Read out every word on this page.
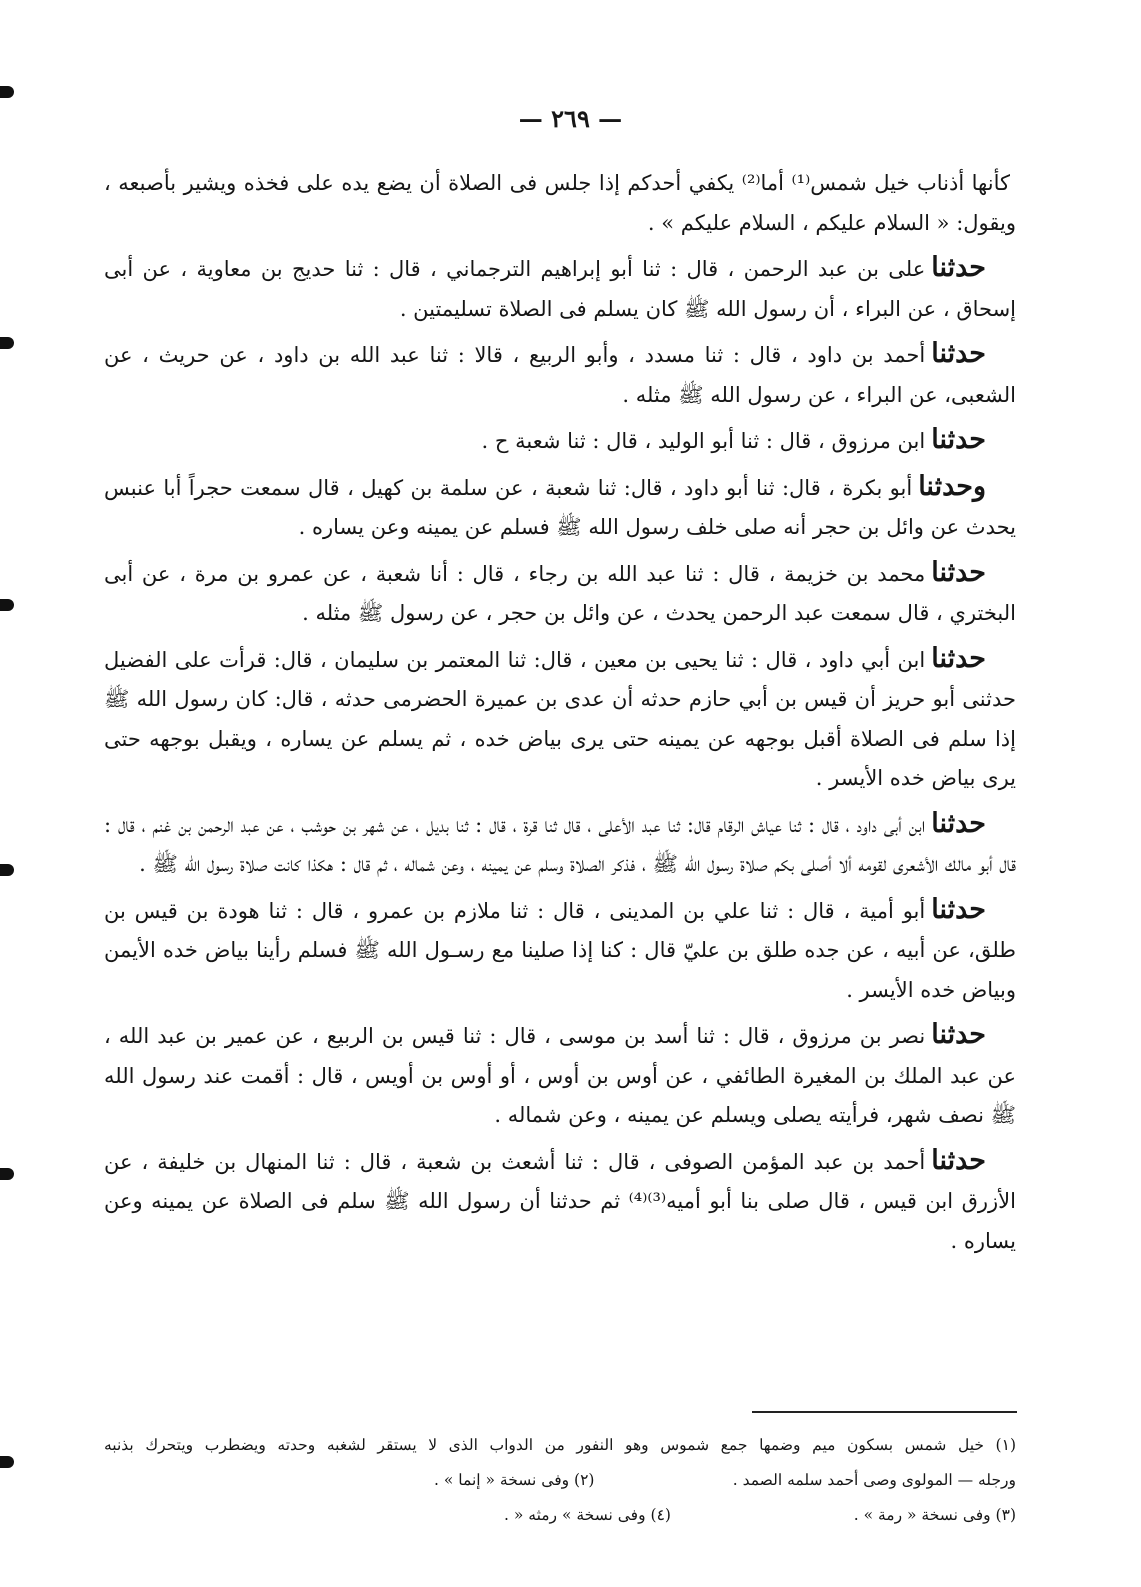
— ٢٦٩ —

كأنها أذناب خيل شمس⁽¹⁾ أما⁽²⁾ يكفي أحدكم إذا جلس فى الصلاة أن يضع يده على فخذه ويشير بأصبعه ، ويقول: « السلام عليكم ، السلام عليكم » .

حدثناعلى بن عبد الرحمن ، قال : ثنا أبو إبراهيم الترجماني ، قال : ثنا حديج بن معاوية ، عن أبى إسحاق ، عن البراء ، أن رسول الله ﷺ كان يسلم فى الصلاة تسليمتين .

حدثناأحمد بن داود ، قال : ثنا مسدد ، وأبو الربيع ، قالا : ثنا عبد الله بن داود ، عن حريث ، عن الشعبى، عن البراء ، عن رسول الله ﷺ مثله .

حدثناابن مرزوق ، قال : ثنا أبو الوليد ، قال : ثنا شعبة ح .

وحدثناأبو بكرة ، قال: ثنا أبو داود ، قال: ثنا شعبة ، عن سلمة بن كهيل ، قال سمعت حجراً أبا عنبس يحدث عن وائل بن حجر أنه صلى خلف رسول الله ﷺ فسلم عن يمينه وعن يساره .

حدثنامحمد بن خزيمة ، قال : ثنا عبد الله بن رجاء ، قال : أنا شعبة ، عن عمرو بن مرة ، عن أبى البختري ، قال سمعت عبد الرحمن يحدث ، عن وائل بن حجر ، عن رسول ﷺ مثله .

حدثناابن أبي داود ، قال : ثنا يحيى بن معين ، قال: ثنا المعتمر بن سليمان ، قال: قرأت على الفضيل حدثنى أبو حريز أن قيس بن أبي حازم حدثه أن عدى بن عميرة الحضرمى حدثه ، قال: كان رسول الله ﷺ إذا سلم فى الصلاة أقبل بوجهه عن يمينه حتى يرى بياض خده ، ثم يسلم عن يساره ، ويقبل بوجهه حتى يرى بياض خده الأيسر .

حدثناابن أبى داود ، قال : ثنا عياش الرقام قال: ثنا عبد الأعلى ، قال ثنا قرة ، قال : ثنا بديل ، عن شهر بن حوشب ، عن عبد الرحمن بن غنم ، قال : قال أبو مالك الأشعرى لقومه ألا أصلى بكم صلاة رسول الله ﷺ ، فذكر الصلاة وسلم عن يمينه ، وعن شماله ، ثم قال : هكذا كانت صلاة رسول الله ﷺ .

حدثناأبو أمية ، قال : ثنا علي بن المدينى ، قال : ثنا ملازم بن عمرو ، قال : ثنا هودة بن قيس بن طلق، عن أبيه ، عن جده طلق بن عليّ قال : كنا إذا صلينا مع رسـول الله ﷺ فسلم رأينا بياض خده الأيمن وبياض خده الأيسر .

حدثنانصر بن مرزوق ، قال : ثنا أسد بن موسى ، قال : ثنا قيس بن الربيع ، عن عمير بن عبد الله ، عن عبد الملك بن المغيرة الطائفي ، عن أوس بن أوس ، أو أوس بن أويس ، قال : أقمت عند رسول الله ﷺ نصف شهر، فرأيته يصلى ويسلم عن يمينه ، وعن شماله .

حدثناأحمد بن عبد المؤمن الصوفى ، قال : ثنا أشعث بن شعبة ، قال : ثنا المنهال بن خليفة ، عن الأزرق ابن قيس ، قال صلى بنا أبو أميه⁽³⁾⁽⁴⁾ ثم حدثنا أن رسول الله ﷺ سلم فى الصلاة عن يمينه وعن يساره .

(١) خيل شمس بسكون ميم وضمها جمع شموس وهو النفور من الدواب الذى لا يستقر لشغبه وحدته ويضطرب ويتحرك بذنبه
ورجله — المولوى وصى أحمد سلمه الصمد .
(٢) وفى نسخة « إنما » .
(٣) وفى نسخة « رمة » .
(٤) وفى نسخة » رمثه « .
